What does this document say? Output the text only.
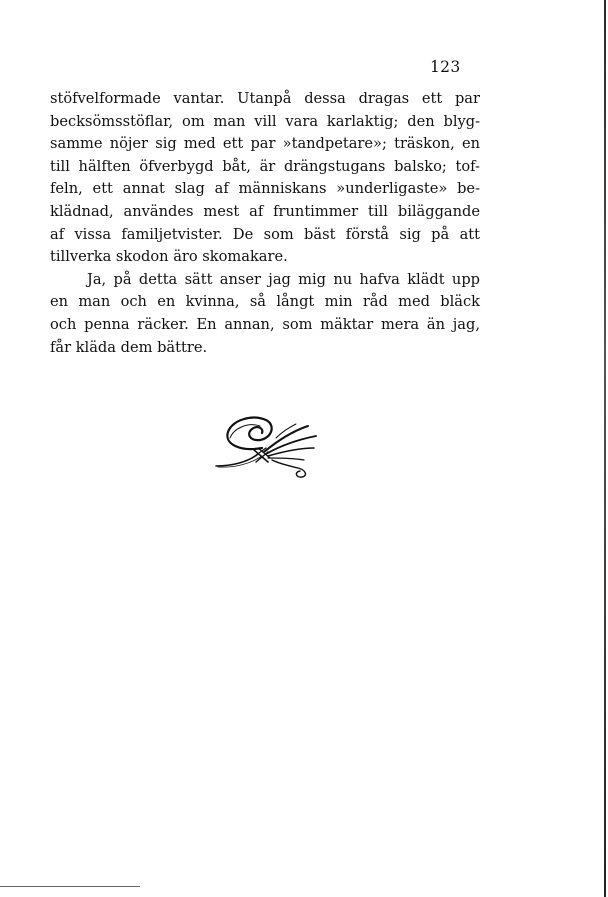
123
stöfvelformade vantar. Utanpå dessa dragas ett par
becksömsstöflar, om man vill vara karlaktig; den blyg-
samme nöjer sig med ett par »tandpetare»; träskon, en
till hälften öfverbygd båt, är drängstugans balsko; tof-
feln, ett annat slag af människans »underligaste» be-
klädnad, användes mest af fruntimmer till biläggande
af vissa familjetvister. De som bäst förstå sig på att
tillverka skodon äro skomakare.
Ja, på detta sätt anser jag mig nu hafva klädt upp
en man och en kvinna, så långt min råd med bläck
och penna räcker. En annan, som mäktar mera än jag,
får kläda dem bättre.
